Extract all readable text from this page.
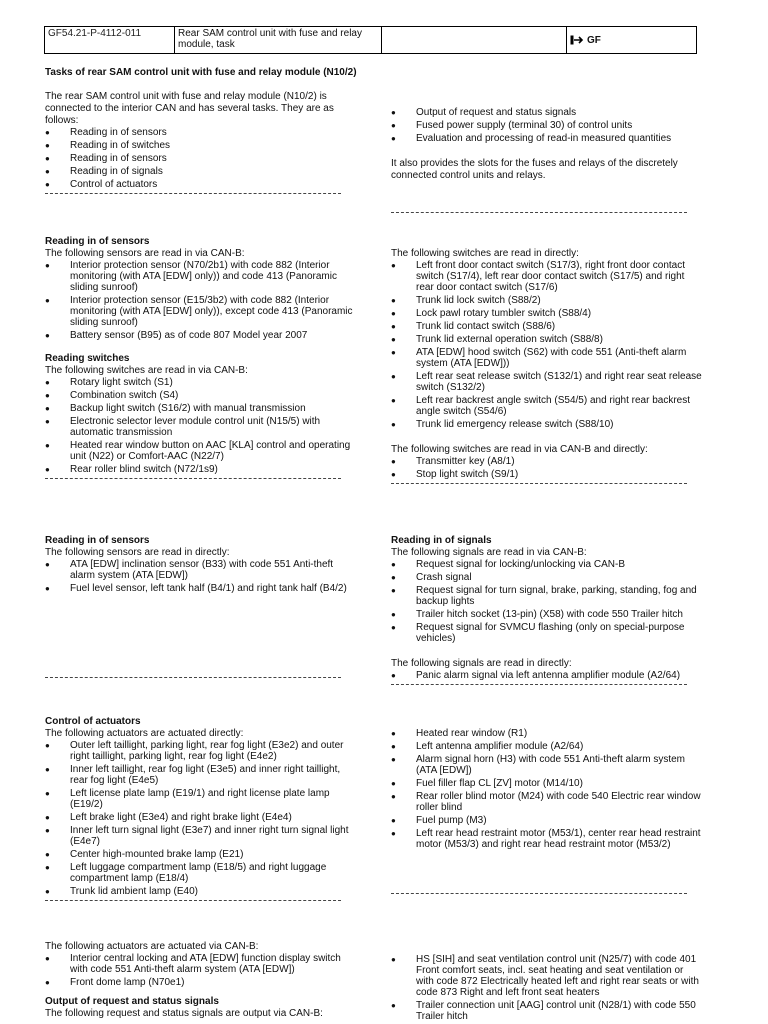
GF54.21-P-4112-011	Rear SAM control unit with fuse and relay module, task	GF
Tasks of rear SAM control unit with fuse and relay module (N10/2)

The rear SAM control unit with fuse and relay module (N10/2) is connected to the interior CAN and has several tasks. They are as follows:

● Reading in of sensors
● Reading in of switches
● Reading in of sensors
● Reading in of signals
● Control of actuators
● Output of request and status signals
● Fused power supply (terminal 30) of control units
● Evaluation and processing of read-in measured quantities

It also provides the slots for the fuses and relays of the discretely connected control units and relays.

Reading in of sensors

The following sensors are read in via CAN-B:

● Interior protection sensor (N70/2b1) with code 882 (Interior monitoring (with ATA [EDW] only)) and code 413 (Panoramic sliding sunroof)
● Interior protection sensor (E15/3b2) with code 882 (Interior monitoring (with ATA [EDW] only)), except code 413 (Panoramic sliding sunroof)
● Battery sensor (B95) as of code 807 Model year 2007
Reading switches

The following switches are read in via CAN-B:

● Rotary light switch (S1)
● Combination switch (S4)
● Backup light switch (S16/2) with manual transmission
● Electronic selector lever module control unit (N15/5) with automatic transmission
● Heated rear window button on AAC [KLA] control and operating unit (N22) or Comfort-AAC (N22/7)
● Rear roller blind switch (N72/1s9)

The following switches are read in directly:

● Left front door contact switch (S17/3), right front door contact switch (S17/4), left rear door contact switch (S17/5) and right rear door contact switch (S17/6)
● Trunk lid lock switch (S88/2)
● Lock pawl rotary tumbler switch (S88/4)
● Trunk lid contact switch (S88/6)
● Trunk lid external operation switch (S88/8)
● ATA [EDW] hood switch (S62) with code 551 (Anti-theft alarm system (ATA [EDW]))
● Left rear seat release switch (S132/1) and right rear seat release switch (S132/2)
● Left rear backrest angle switch (S54/5) and right rear backrest angle switch (S54/6)
● Trunk lid emergency release switch (S88/10)

The following switches are read in via CAN-B and directly:

● Transmitter key (A8/1)
● Stop light switch (S9/1)
Reading in of sensors

The following sensors are read in directly:

● ATA [EDW] inclination sensor (B33) with code 551 Anti-theft alarm system (ATA [EDW])
● Fuel level sensor, left tank half (B4/1) and right tank half (B4/2)
Reading in of signals

The following signals are read in via CAN-B:

● Request signal for locking/unlocking via CAN-B
● Crash signal
● Request signal for turn signal, brake, parking, standing, fog and backup lights
● Trailer hitch socket (13-pin) (X58) with code 550 Trailer hitch
● Request signal for SVMCU flashing (only on special-purpose vehicles)

The following signals are read in directly:

● Panic alarm signal via left antenna amplifier module (A2/64)
Control of actuators

The following actuators are actuated directly:

● Outer left taillight, parking light, rear fog light (E3e2) and outer right taillight, parking light, rear fog light (E4e2)
● Inner left taillight, rear fog light (E3e5) and inner right taillight, rear fog light (E4e5)
● Left license plate lamp (E19/1) and right license plate lamp (E19/2)
● Left brake light (E3e4) and right brake light (E4e4)
● Inner left turn signal light (E3e7) and inner right turn signal light (E4e7)
● Center high-mounted brake lamp (E21)
● Left luggage compartment lamp (E18/5) and right luggage compartment lamp (E18/4)
● Trunk lid ambient lamp (E40)
● Heated rear window (R1)
● Left antenna amplifier module (A2/64)
● Alarm signal horn (H3) with code 551 Anti-theft alarm system (ATA [EDW])
● Fuel filler flap CL [ZV] motor (M14/10)
● Rear roller blind motor (M24) with code 540 Electric rear window roller blind
● Fuel pump (M3)
● Left rear head restraint motor (M53/1), center rear head restraint motor (M53/3) and right rear head restraint motor (M53/2)

The following actuators are actuated via CAN-B:

● Interior central locking and ATA [EDW] function display switch with code 551 Anti-theft alarm system (ATA [EDW])
● Front dome lamp (N70e1)
Output of request and status signals

The following request and status signals are output via CAN-B:

● HS [SIH] and seat ventilation control unit (N25/7) with code 401 Front comfort seats, incl. seat heating and seat ventilation or with code 872 Electrically heated left and right rear seats or with code 873 Right and left front seat heaters
● Trailer connection unit [AAG] control unit (N28/1) with code 550 Trailer hitch
